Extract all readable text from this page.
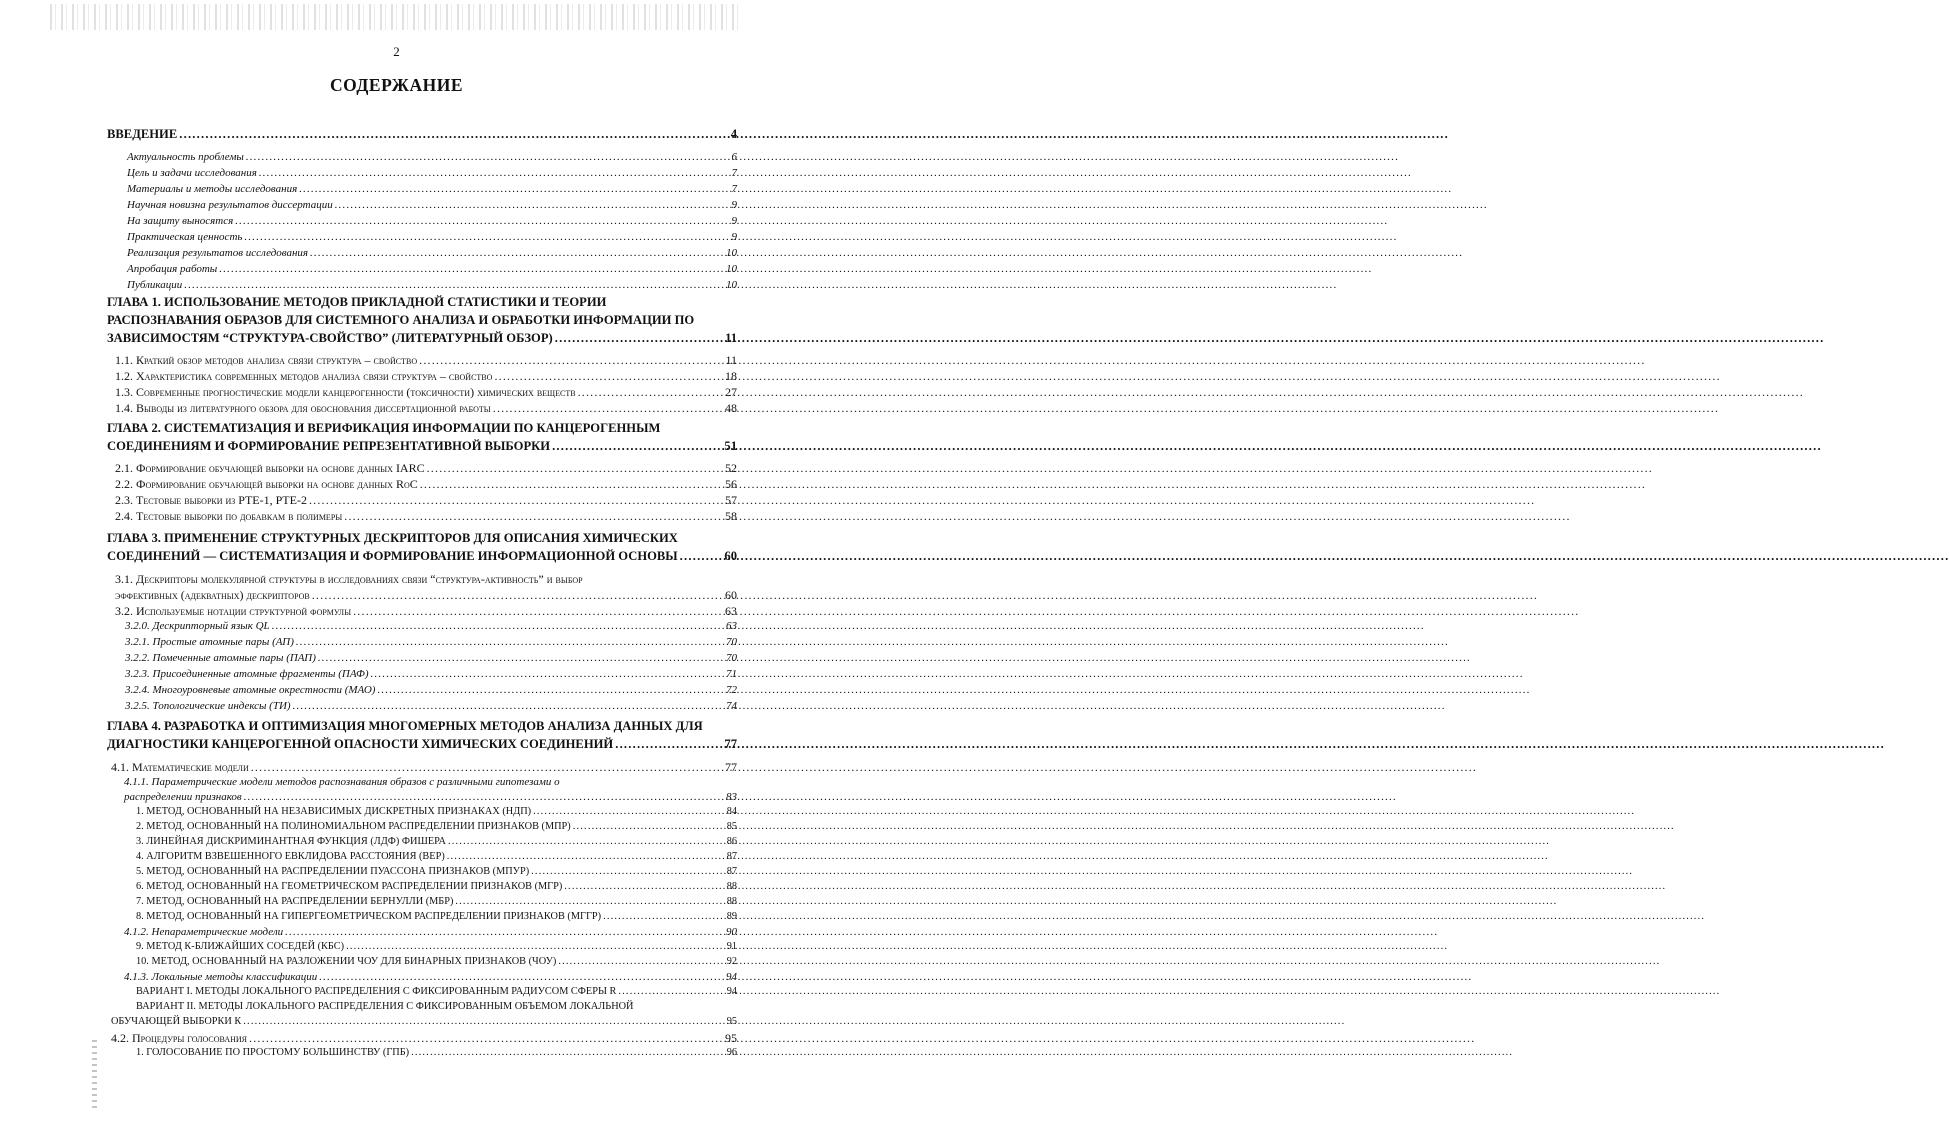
2
СОДЕРЖАНИЕ
ВВЕДЕНИЕ .....	4
Актуальность проблемы .....	6
Цель и задачи исследования .....	7
Материалы и методы исследования .....	7
Научная новизна результатов диссертации .....	9
На защиту выносятся .....	9
Практическая ценность .....	9
Реализация результатов исследования .....	10
Апробация работы .....	10
Публикации .....	10
ГЛАВА 1. ИСПОЛЬЗОВАНИЕ МЕТОДОВ ПРИКЛАДНОЙ СТАТИСТИКИ И ТЕОРИИ
РАСПОЗНАВАНИЯ ОБРАЗОВ ДЛЯ СИСТЕМНОГО АНАЛИЗА И ОБРАБОТКИ ИНФОРМАЦИИ ПО
ЗАВИСИМОСТЯМ “СТРУКТУРА-СВОЙСТВО” (ЛИТЕРАТУРНЫЙ ОБЗОР) .....	11
1.1. Краткий обзор методов анализа связи структура – свойство .....	11
1.2. Характеристика современных методов анализа связи структура – свойство .....	18
1.3. Современные прогностические модели канцерогенности (токсичности) химических веществ .....	27
1.4. Выводы из литературного обзора для обоснования диссертационной работы .....	48
ГЛАВА 2. СИСТЕМАТИЗАЦИЯ И ВЕРИФИКАЦИЯ ИНФОРМАЦИИ ПО КАНЦЕРОГЕННЫМ
СОЕДИНЕНИЯМ И ФОРМИРОВАНИЕ РЕПРЕЗЕНТАТИВНОЙ ВЫБОРКИ .....	51
2.1. Формирование обучающей выборки на основе данных IARC .....	52
2.2. Формирование обучающей выборки на основе данных RoC .....	56
2.3. Тестовые выборки из PTE-1, PTE-2 .....	57
2.4. Тестовые выборки по добавкам в полимеры .....	58
ГЛАВА 3. ПРИМЕНЕНИЕ СТРУКТУРНЫХ ДЕСКРИПТОРОВ ДЛЯ ОПИСАНИЯ ХИМИЧЕСКИХ
СОЕДИНЕНИЙ — СИСТЕМАТИЗАЦИЯ И ФОРМИРОВАНИЕ ИНФОРМАЦИОННОЙ ОСНОВЫ .....	60
3.1. Дескрипторы молекулярной структуры в исследованиях связи “структура-активность” и выбор
эффективных (адекватных) дескрипторов .....	60
3.2. Используемые нотации структурной формулы .....	63
3.2.0. Дескрипторный язык QL .....	63
3.2.1. Простые атомные пары (АП) .....	70
3.2.2. Помеченные атомные пары (ПАП) .....	70
3.2.3. Присоединенные атомные фрагменты (ПАФ) .....	71
3.2.4. Многоуровневые атомные окрестности (МАО) .....	72
3.2.5. Топологические индексы (ТИ) .....	74
ГЛАВА 4. РАЗРАБОТКА И ОПТИМИЗАЦИЯ МНОГОМЕРНЫХ МЕТОДОВ АНАЛИЗА ДАННЫХ ДЛЯ
ДИАГНОСТИКИ КАНЦЕРОГЕННОЙ ОПАСНОСТИ ХИМИЧЕСКИХ СОЕДИНЕНИЙ .....	77
4.1. Математические модели .....	77
4.1.1. Параметрические модели методов распознавания образов с различными гипотезами о
распределении признаков .....	83
1. МЕТОД, ОСНОВАННЫЙ НА НЕЗАВИСИМЫХ ДИСКРЕТНЫХ ПРИЗНАКАХ (НДП) .....	84
2. МЕТОД, ОСНОВАННЫЙ НА ПОЛИНОМИАЛЬНОМ РАСПРЕДЕЛЕНИИ ПРИЗНАКОВ (МПР) .....	85
3. ЛИНЕЙНАЯ ДИСКРИМИНАНТНАЯ ФУНКЦИЯ (ЛДФ) ФИШЕРА .....	86
4. АЛГОРИТМ ВЗВЕШЕННОГО ЕВКЛИДОВА РАССТОЯНИЯ (ВЕР) .....	87
5. МЕТОД, ОСНОВАННЫЙ НА РАСПРЕДЕЛЕНИИ ПУАССОНА ПРИЗНАКОВ (МПУР) .....	87
6. МЕТОД, ОСНОВАННЫЙ НА ГЕОМЕТРИЧЕСКОМ РАСПРЕДЕЛЕНИИ ПРИЗНАКОВ (МГР) .....	88
7. МЕТОД, ОСНОВАННЫЙ НА РАСПРЕДЕЛЕНИИ БЕРНУЛЛИ (МБР) .....	88
8. МЕТОД, ОСНОВАННЫЙ НА ГИПЕРГЕОМЕТРИЧЕСКОМ РАСПРЕДЕЛЕНИИ ПРИЗНАКОВ (МГГР) .....	89
4.1.2. Непараметрические модели .....	90
9. МЕТОД К-БЛИЖАЙШИХ СОСЕДЕЙ (КБС) .....	91
10. МЕТОД, ОСНОВАННЫЙ НА РАЗЛОЖЕНИИ ЧОУ ДЛЯ БИНАРНЫХ ПРИЗНАКОВ (ЧОУ) .....	92
4.1.3. Локальные методы классификации .....	94
ВАРИАНТ I. МЕТОДЫ ЛОКАЛЬНОГО РАСПРЕДЕЛЕНИЯ С ФИКСИРОВАННЫМ РАДИУСОМ СФЕРЫ R .....	94
ВАРИАНТ II. МЕТОДЫ ЛОКАЛЬНОГО РАСПРЕДЕЛЕНИЯ С ФИКСИРОВАННЫМ ОБЪЕМОМ ЛОКАЛЬНОЙ
ОБУЧАЮЩЕЙ ВЫБОРКИ К .....	95
4.2. Процедуры голосования .....	95
1. ГОЛОСОВАНИЕ ПО ПРОСТОМУ БОЛЬШИНСТВУ (ГПБ) .....	96
